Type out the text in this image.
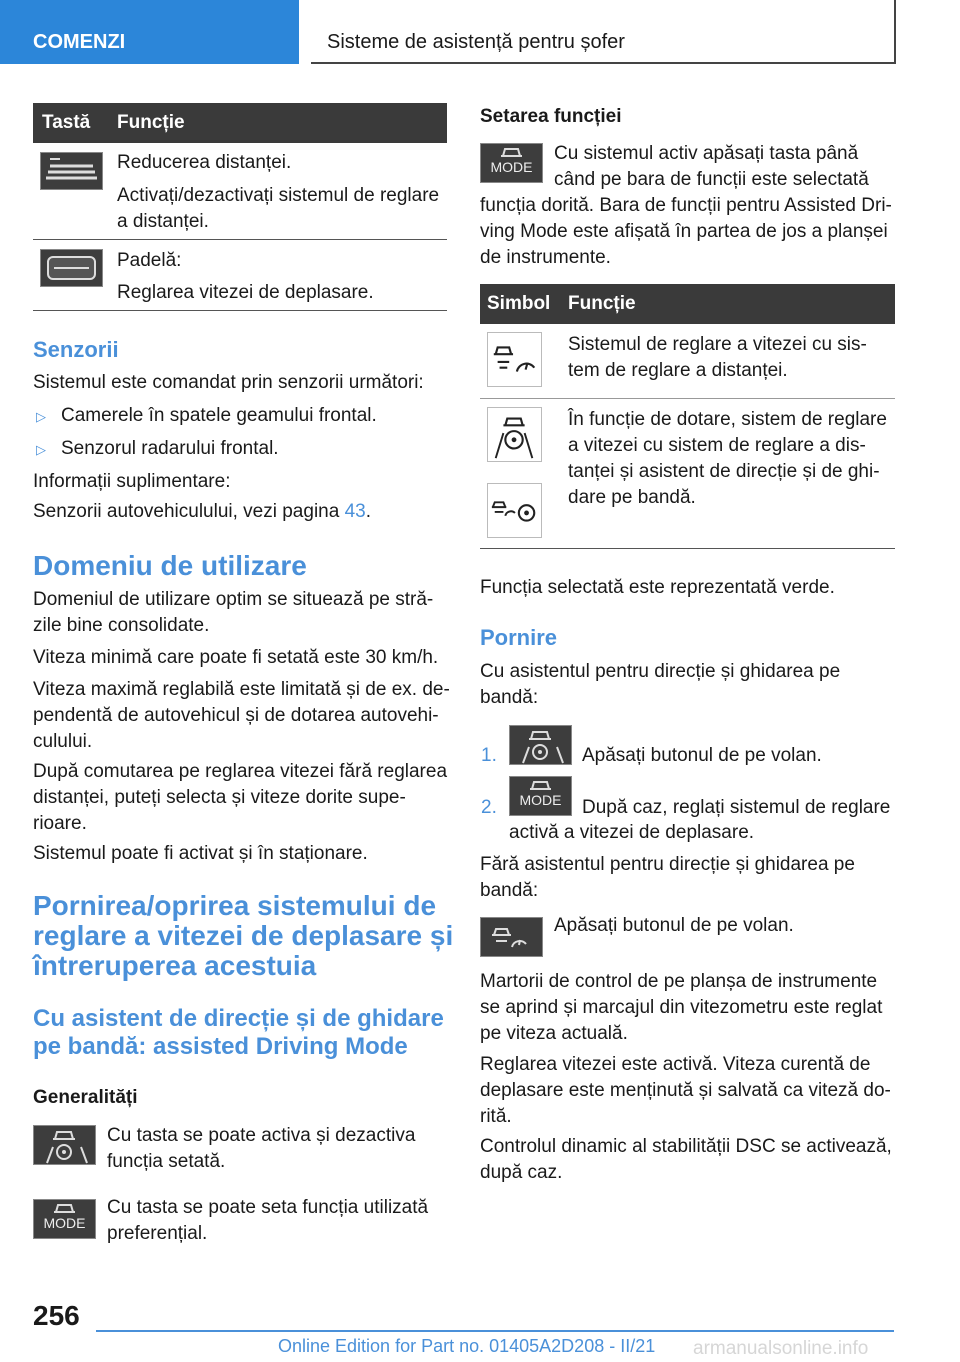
COMENZI	Sisteme de asistență pentru șofer
Tastă Funcție
Reducerea distanței.
Activați/dezactivați sistemul de reglare
a distanței.
Padelă:
Reglarea vitezei de deplasare.
Senzorii
Sistemul este comandat prin senzorii următori:
▷ Camerele în spatele geamului frontal.
▷ Senzorul radarului frontal.
Informații suplimentare:
Senzorii autovehiculului, vezi pagina 43.
Domeniu de utilizare
Domeniul de utilizare optim se situează pe stră-
zile bine consolidate.
Viteza minimă care poate fi setată este 30 km/h.
Viteza maximă reglabilă este limitată și de ex. de-
pendentă de autovehicul și de dotarea autovehi-
culului.
După comutarea pe reglarea vitezei fără reglarea
distanței, puteți selecta și viteze dorite supe-
rioare.
Sistemul poate fi activat și în staționare.
Pornirea/oprirea sistemului de
reglare a vitezei de deplasare și
întreruperea acestuia
Cu asistent de direcție și de ghidare
pe bandă: assisted Driving Mode
Generalități
Cu tasta se poate activa și dezactiva
funcția setată.
MODE
Cu tasta se poate seta funcția utilizată
preferențial.
Setarea funcției
MODE
Cu sistemul activ apăsați tasta până
când pe bara de funcții este selectată
funcția dorită. Bara de funcții pentru Assisted Dri-
ving Mode este afișată în partea de jos a planșei
de instrumente.
Simbol Funcție
Sistemul de reglare a vitezei cu sis-
tem de reglare a distanței.
În funcție de dotare, sistem de reglare
a vitezei cu sistem de reglare a dis-
tanței și asistent de direcție și de ghi-
dare pe bandă.
Funcția selectată este reprezentată verde.
Pornire
Cu asistentul pentru direcție și ghidarea pe
bandă:
1.	Apăsați butonul de pe volan.
2.	MODE	După caz, reglați sistemul de reglare
activă a vitezei de deplasare.
Fără asistentul pentru direcție și ghidarea pe
bandă:
Apăsați butonul de pe volan.
Martorii de control de pe planșa de instrumente
se aprind și marcajul din vitezometru este reglat
pe viteza actuală.
Reglarea vitezei este activă. Viteza curentă de
deplasare este menținută și salvată ca viteză do-
rită.
Controlul dinamic al stabilității DSC se activează,
după caz.
256
Online Edition for Part no. 01405A2D208 - II/21 armanualsonline.info
